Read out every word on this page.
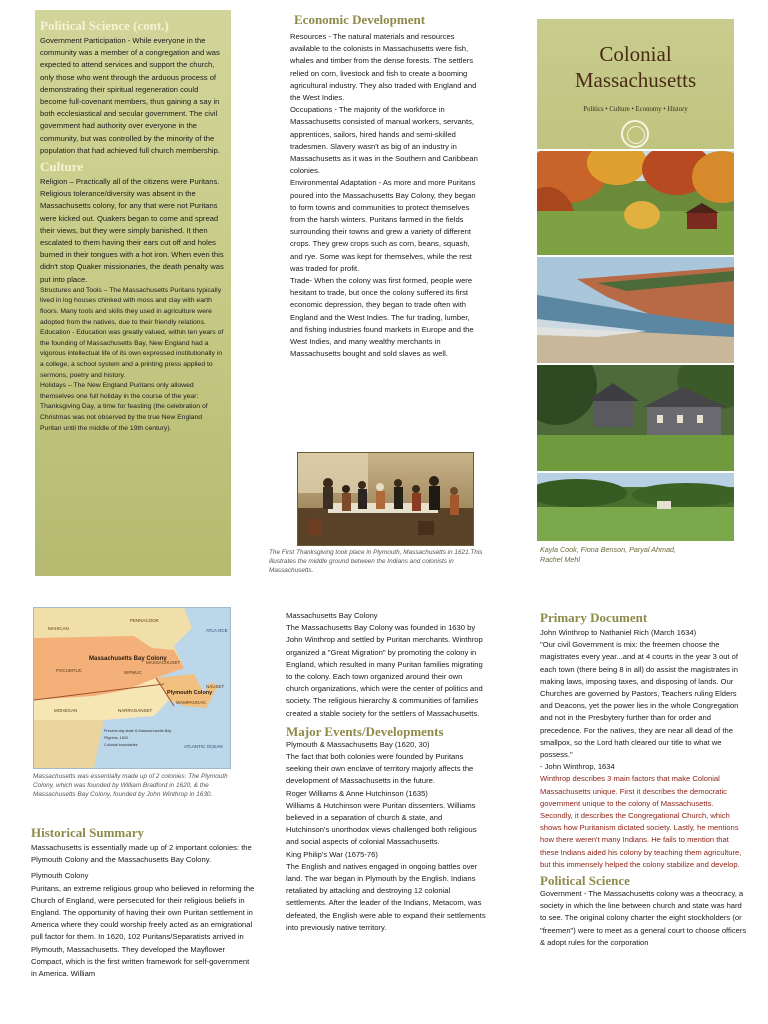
Political Science (cont.)

Government Participation - While everyone in the community was a member of a congregation and was expected to attend services and support the church, only those who went through the arduous process of demonstrating their spiritual regeneration could become full-covenant members, thus gaining a say in both ecclesiastical and secular government. The civil government had authority over everyone in the community, but was controlled by the minority of the population that had achieved full church membership.

Culture

Religion – Practically all of the citizens were Puritans. Religious tolerance/diversity was absent in the Massachusetts colony, for any that were not Puritans were kicked out. Quakers began to come and spread their views, but they were simply banished. It then escalated to them having their ears cut off and holes burned in their tongues with a hot iron. When even this didn't stop Quaker missionaries, the death penalty was put into place.

Structures and Tools – The Massachusetts Puritans typically lived in log houses chinked with moss and clay with earth floors. Many tools and skills they used in agriculture were adopted from the natives, due to their friendly relations.

Education - Education was greatly valued, within ten years of the founding of Massachusetts Bay, New England had a vigorous intellectual life of its own expressed institutionally in a college, a school system and a printing press applied to sermons, poetry and history.

Holidays – The New England Puritans only allowed themselves one full holiday in the course of the year: Thanksgiving Day, a time for feasting (the celebration of Christmas was not observed by the true New England Puritan until the middle of the 19th century).

Economic Development

Resources - The natural materials and resources available to the colonists in Massachusetts were fish, whales and timber from the dense forests. The settlers relied on corn, livestock and fish to create a booming agricultural industry. They also traded with England and the West Indies.

Occupations - The majority of the workforce in Massachusetts consisted of manual workers, servants, apprentices, sailors, hired hands and semi-skilled tradesmen. Slavery wasn't as big of an industry in Massachusetts as it was in the Southern and Caribbean colonies.

Environmental Adaptation - As more and more Puritans poured into the Massachusetts Bay Colony, they began to form towns and communities to protect themselves from the harsh winters. Puritans farmed in the fields surrounding their towns and grew a variety of different crops. They grew crops such as corn, beans, squash, and rye. Some was kept for themselves, while the rest was traded for profit.

Trade- When the colony was first formed, people were hesitant to trade, but once the colony suffered its first economic depression, they began to trade often with England and the West Indies. The fur trading, lumber, and fishing industries found markets in Europe and the West Indies, and many wealthy merchants in Massachusetts bought and sold slaves as well.

The First Thanksgiving took place in Plymouth, Massachusetts in 1621.This illustrates the middle ground between the Indians and colonists in Massachusetts.

Colonial
Massachusetts
Politics • Culture • Economy • History

Kayla Cook, Fiona Benson, Paryal Ahmad,

Rachel Mehl

Massachusetts Bay Colony
Plymouth Colony
MAHICAN
PENNACOOK
ATLA OCE
POCUMTUC	NIPMUC
MASSACHUSET
WAMPANOAG
NAUSET
MOHEGAN	NARRAGANSET
ATLANTIC OCEAN
Present-day state & Massachusetts Bay
Pilgrims, 1620
Colonial boundaries

Massachusetts was essentially made up of 2 colonies: The Plymouth Colony, which was founded by William Bradford in 1620, & the Massachusetts Bay Colony, founded by John Winthrop in 1630.

Historical Summary

Massachusetts is essentially made up of 2 important colonies: the Plymouth Colony and the Massachusetts Bay Colony.

Plymouth Colony

Puritans, an extreme religious group who believed in reforming the Church of England, were persecuted for their religious beliefs in England. The opportunity of having their own Puritan settlement in America where they could worship freely acted as an emigrational pull factor for them. In 1620, 102 Puritans/Separatists arrived in Plymouth, Massachusetts. They developed the Mayflower Compact, which is the first written framework for self-government in America. William

Massachusetts Bay Colony

The Massachusetts Bay Colony was founded in 1630 by John Winthrop and settled by Puritan merchants. Winthrop organized a "Great Migration" by promoting the colony in England, which resulted in many Puritan families migrating to the colony. Each town organized around their own church organizations, which were the center of politics and society. The religious hierarchy & communities of families created a stable society for the settlers of Massachusetts.

Major Events/Developments

Plymouth & Massachusetts Bay (1620, 30)

The fact that both colonies were founded by Puritans seeking their own enclave of territory majorly affects the development of Massachusetts in the future.

Roger Williams & Anne Hutchinson (1635)

Williams & Hutchinson were Puritan dissenters. Williams believed in a separation of church & state, and Hutchinson's unorthodox views challenged both religious and social aspects of colonial Massachusetts.

King Philip's War (1675-76)

The English and natives engaged in ongoing battles over land. The war began in Plymouth by the English. Indians retaliated by attacking and destroying 12 colonial settlements. After the leader of the Indians, Metacom, was defeated, the English were able to expand their settlements into previously native territory.

Primary Document

John Winthrop to Nathaniel Rich (March 1634)

"Our civil Government is mix: the freemen choose the magistrates every year...and at 4 courts in the year 3 out of each town (there being 8 in all) do assist the magistrates in making laws, imposing taxes, and disposing of lands. Our Churches are governed by Pastors, Teachers ruling Elders and Deacons, yet the power lies in the whole Congregation and not in the Presbytery further than for order and precedence. For the natives, they are near all dead of the smallpox, so the Lord hath cleared our title to what we possess."

- John Winthrop, 1634

Winthrop describes 3 main factors that make Colonial Massachusetts unique. First it describes the democratic government unique to the colony of Massachusetts. Secondly, it describes the Congregational Church, which shows how Puritanism dictated society. Lastly, he mentions how there weren't many Indians. He fails to mention that these Indians aided his colony by teaching them agriculture, but this immensely helped the colony stabilize and develop.

Political Science

Government - The Massachusetts colony was a theocracy, a society in which the line between church and state was hard to see. The original colony charter the eight stockholders (or "freemen") were to meet as a general court to choose officers & adopt rules for the corporation
